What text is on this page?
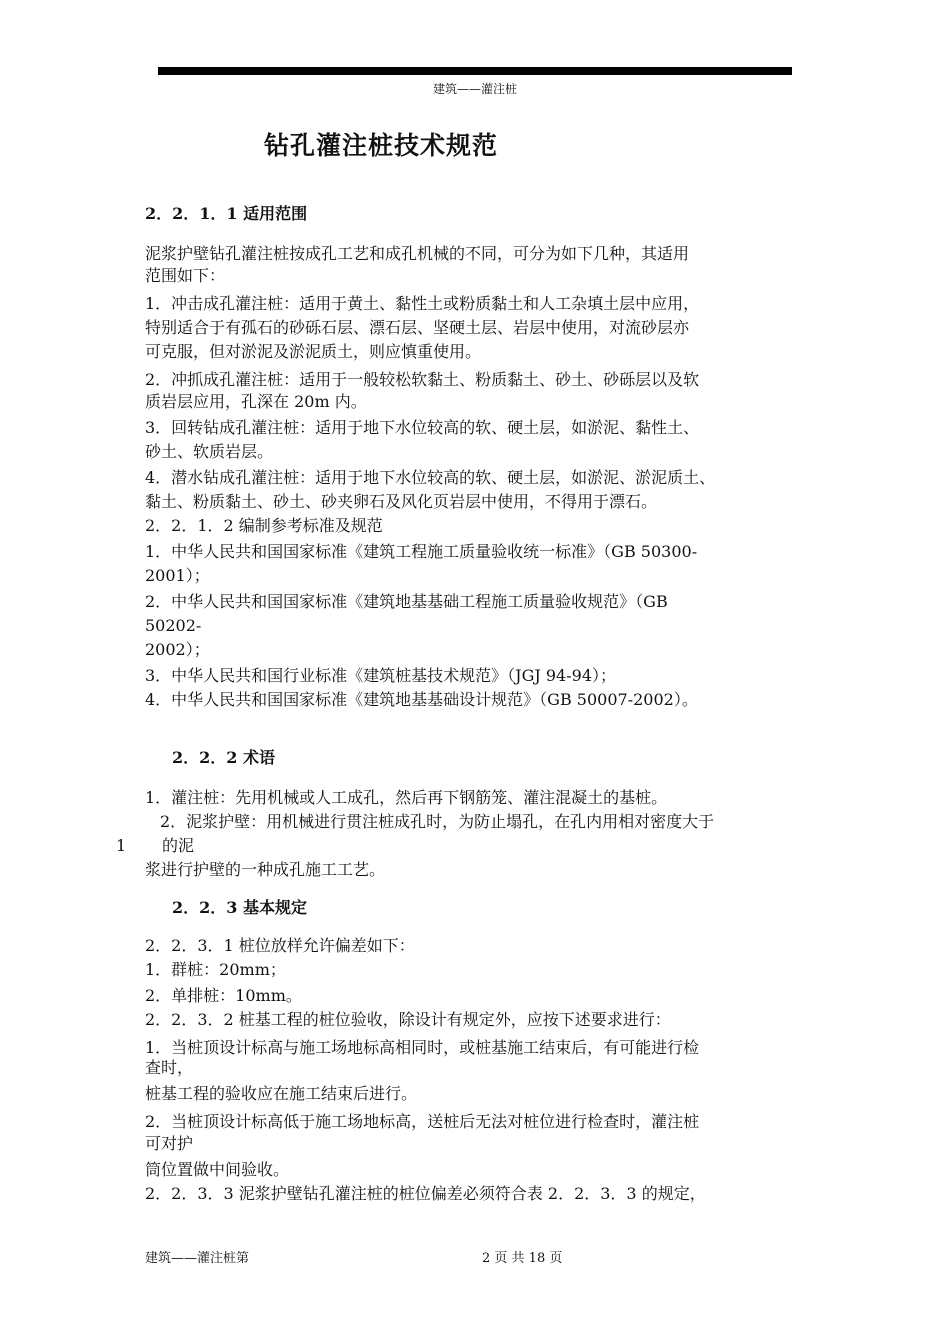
建筑——灌注桩
钻孔灌注桩技术规范
2．2．1．1 适用范围
泥浆护壁钻孔灌注桩按成孔工艺和成孔机械的不同，可分为如下几种，其适用
范围如下：
1．冲击成孔灌注桩：适用于黄土、黏性土或粉质黏土和人工杂填土层中应用，
特别适合于有孤石的砂砾石层、漂石层、坚硬土层、岩层中使用，对流砂层亦
可克服，但对淤泥及淤泥质土，则应慎重使用。
2．冲抓成孔灌注桩：适用于一般较松软黏土、粉质黏土、砂土、砂砾层以及软
质岩层应用，孔深在 20m 内。
3．回转钻成孔灌注桩：适用于地下水位较高的软、硬土层，如淤泥、黏性土、
砂土、软质岩层。
4．潜水钻成孔灌注桩：适用于地下水位较高的软、硬土层，如淤泥、淤泥质土、
黏土、粉质黏土、砂土、砂夹卵石及风化页岩层中使用，不得用于漂石。
2．2．1．2 编制参考标准及规范
1．中华人民共和国国家标准《建筑工程施工质量验收统一标准》（GB 50300-
2001）；
2．中华人民共和国国家标准《建筑地基基础工程施工质量验收规范》（GB
50202-
2002）；
3．中华人民共和国行业标准《建筑桩基技术规范》（JGJ 94-94）；
4．中华人民共和国国家标准《建筑地基基础设计规范》（GB 50007-2002）。
2．2．2 术语
1．灌注桩：先用机械或人工成孔，然后再下钢筋笼、灌注混凝土的基桩。
2．泥浆护壁：用机械进行贯注桩成孔时，为防止塌孔，在孔内用相对密度大于
1 的泥
浆进行护壁的一种成孔施工工艺。
2．2．3 基本规定
2．2．3．1 桩位放样允许偏差如下：
1．群桩：20mm；
2．单排桩：10mm。
2．2．3．2 桩基工程的桩位验收，除设计有规定外，应按下述要求进行：
1．当桩顶设计标高与施工场地标高相同时，或桩基施工结束后，有可能进行检
查时，
桩基工程的验收应在施工结束后进行。
2．当桩顶设计标高低于施工场地标高，送桩后无法对桩位进行检查时，灌注桩
可对护
筒位置做中间验收。
2．2．3．3 泥浆护壁钻孔灌注桩的桩位偏差必须符合表 2．2．3．3 的规定，
建筑——灌注桩第	2 页 共 18 页
